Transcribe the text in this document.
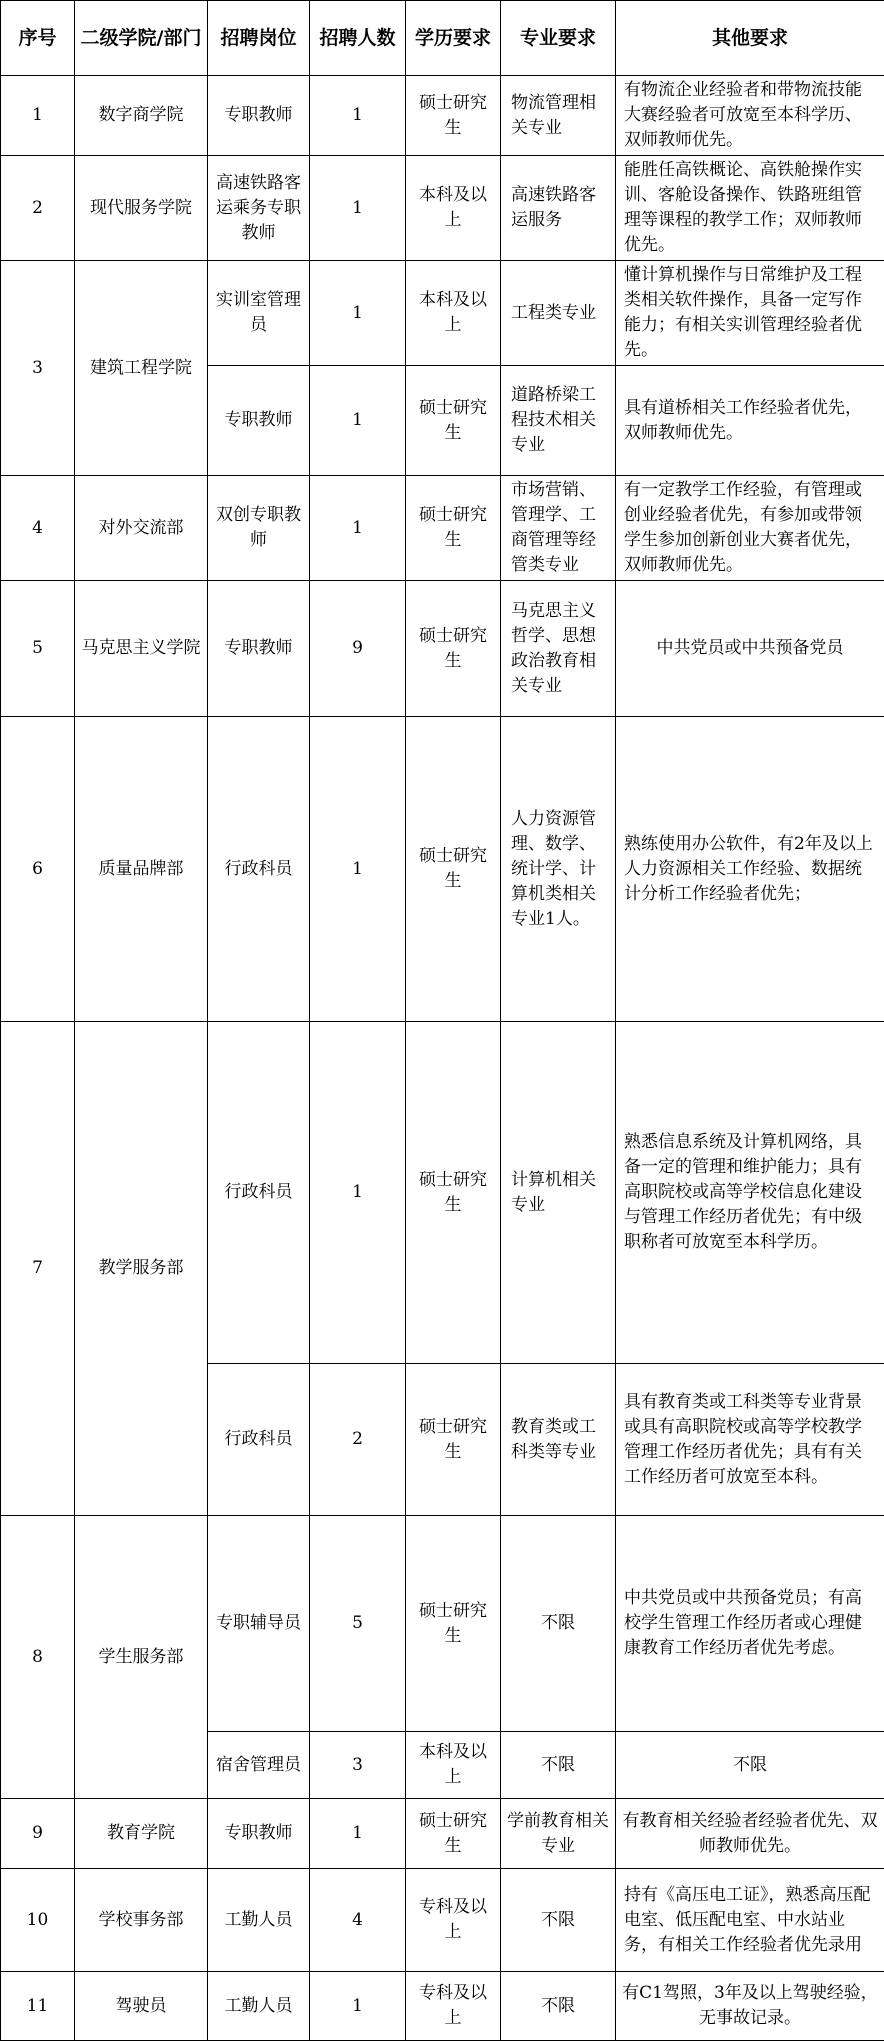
序号	二级学院/部门	招聘岗位	招聘人数	学历要求	专业要求	其他要求
1	数字商学院	专职教师	1	硕士研究生	物流管理相关专业	有物流企业经验者和带物流技能大赛经验者可放宽至本科学历、双师教师优先。
2	现代服务学院	高速铁路客运乘务专职教师	1	本科及以上	高速铁路客运服务	能胜任高铁概论、高铁舱操作实训、客舱设备操作、铁路班组管理等课程的教学工作；双师教师优先。
3	建筑工程学院	实训室管理员	1	本科及以上	工程类专业	懂计算机操作与日常维护及工程类相关软件操作，具备一定写作能力；有相关实训管理经验者优先。
		专职教师	1	硕士研究生	道路桥梁工程技术相关专业	具有道桥相关工作经验者优先，双师教师优先。
4	对外交流部	双创专职教师	1	硕士研究生	市场营销、管理学、工商管理等经管类专业	有一定教学工作经验，有管理或创业经验者优先，有参加或带领学生参加创新创业大赛者优先，双师教师优先。
5	马克思主义学院	专职教师	9	硕士研究生	马克思主义哲学、思想政治教育相关专业	中共党员或中共预备党员
6	质量品牌部	行政科员	1	硕士研究生	人力资源管理、数学、统计学、计算机类相关专业1人。	熟练使用办公软件，有2年及以上人力资源相关工作经验、数据统计分析工作经验者优先；
7	教学服务部	行政科员	1	硕士研究生	计算机相关专业	熟悉信息系统及计算机网络，具备一定的管理和维护能力；具有高职院校或高等学校信息化建设与管理工作经历者优先；有中级职称者可放宽至本科学历。
		行政科员	2	硕士研究生	教育类或工科类等专业	具有教育类或工科类等专业背景或具有高职院校或高等学校教学管理工作经历者优先；具有有关工作经历者可放宽至本科。
8	学生服务部	专职辅导员	5	硕士研究生	不限	中共党员或中共预备党员；有高校学生管理工作经历者或心理健康教育工作经历者优先考虑。
		宿舍管理员	3	本科及以上	不限	不限
9	教育学院	专职教师	1	硕士研究生	学前教育相关专业	有教育相关经验者经验者优先、双师教师优先。
10	学校事务部	工勤人员	4	专科及以上	不限	持有《高压电工证》，熟悉高压配电室、低压配电室、中水站业务，有相关工作经验者优先录用
11	驾驶员	工勤人员	1	专科及以上	不限	有C1驾照，3年及以上驾驶经验，无事故记录。
